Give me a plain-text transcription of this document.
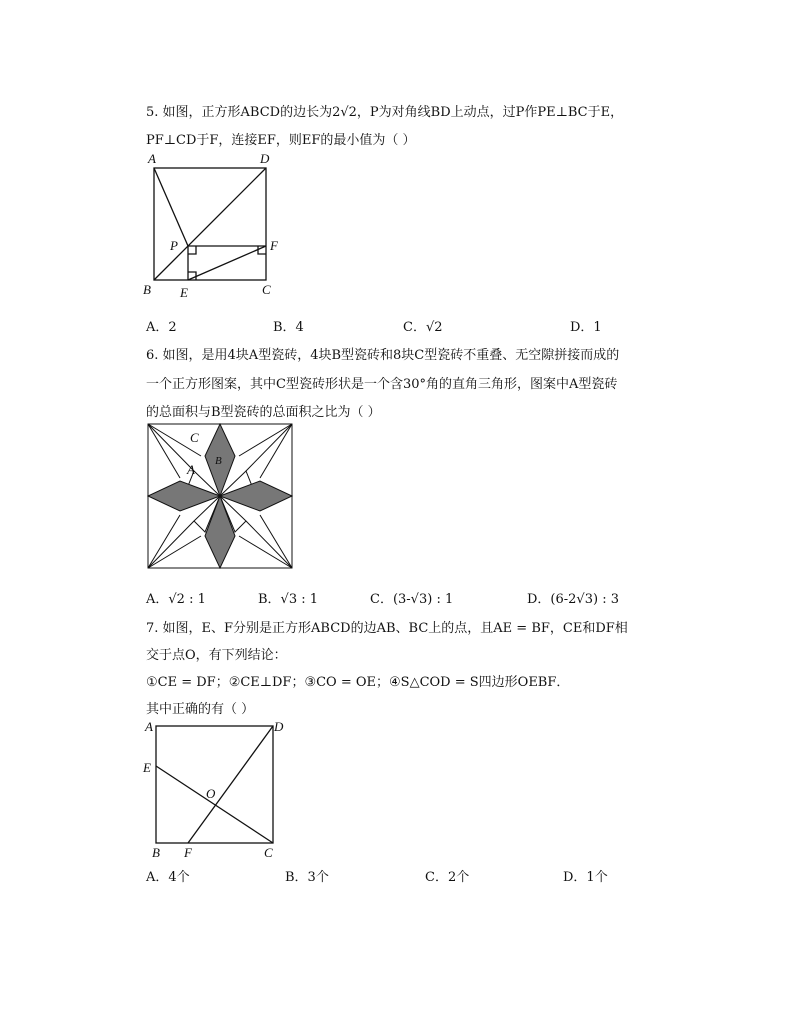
5. 如图，正方形ABCD的边长为2√2，P为对角线BD上动点，过P作PE⊥BC于E，
PF⊥CD于F，连接EF，则EF的最小值为（ ）
A	D
B E	C
F
P
A．2	B．4	C．√2	D．1
6. 如图，是用4块A型瓷砖，4块B型瓷砖和8块C型瓷砖不重叠、无空隙拼接而成的
一个正方形图案，其中C型瓷砖形状是一个含30°角的直角三角形，图案中A型瓷砖
的总面积与B型瓷砖的总面积之比为（ ）
C
B
A
A．√2 : 1	B．√3 : 1	C．(3-√3) : 1	D．(6-2√3) : 3
7. 如图，E、F分别是正方形ABCD的边AB、BC上的点，且AE = BF，CE和DF相
交于点O，有下列结论：
①CE = DF；②CE⊥DF；③CO = OE；④S△COD = S四边形OEBF．
其中正确的有（ ）
A	D
E
O
B F	C
A．4个	B．3个	C．2个	D．1个
